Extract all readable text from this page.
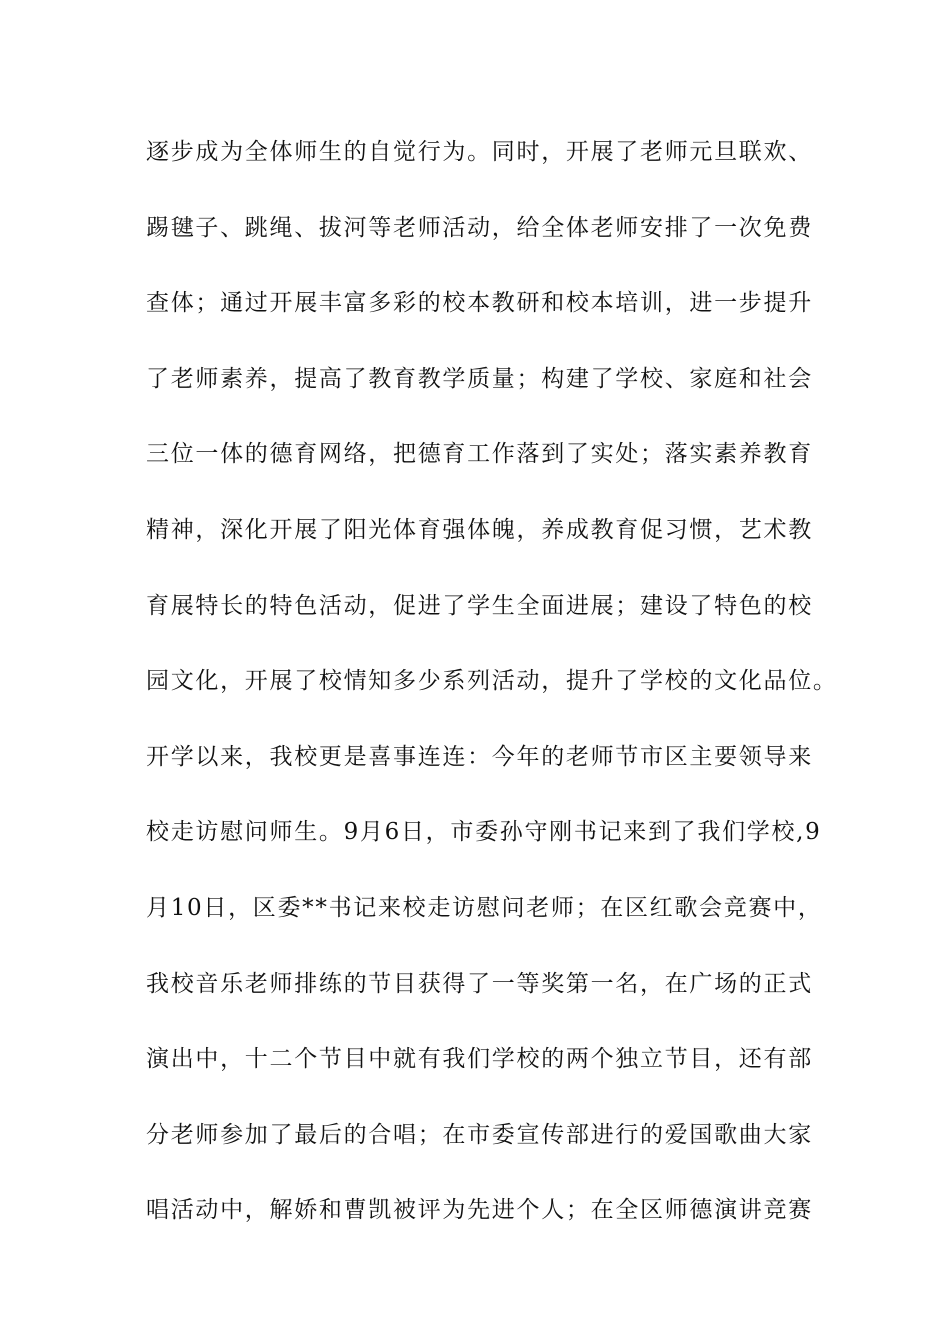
逐步成为全体师生的自觉行为。同时，开展了老师元旦联欢、
踢毽子、跳绳、拔河等老师活动，给全体老师安排了一次免费
查体；通过开展丰富多彩的校本教研和校本培训，进一步提升
了老师素养，提高了教育教学质量；构建了学校、家庭和社会
三位一体的德育网络，把德育工作落到了实处；落实素养教育
精神，深化开展了阳光体育强体魄，养成教育促习惯，艺术教
育展特长的特色活动，促进了学生全面进展；建设了特色的校
园文化，开展了校情知多少系列活动，提升了学校的文化品位。
开学以来，我校更是喜事连连：今年的老师节市区主要领导来
校走访慰问师生。9月6日，市委孙守刚书记来到了我们学校,9
月10日，区委**书记来校走访慰问老师；在区红歌会竞赛中，
我校音乐老师排练的节目获得了一等奖第一名，在广场的正式
演出中，十二个节目中就有我们学校的两个独立节目，还有部
分老师参加了最后的合唱；在市委宣传部进行的爱国歌曲大家
唱活动中，解娇和曹凯被评为先进个人；在全区师德演讲竞赛
